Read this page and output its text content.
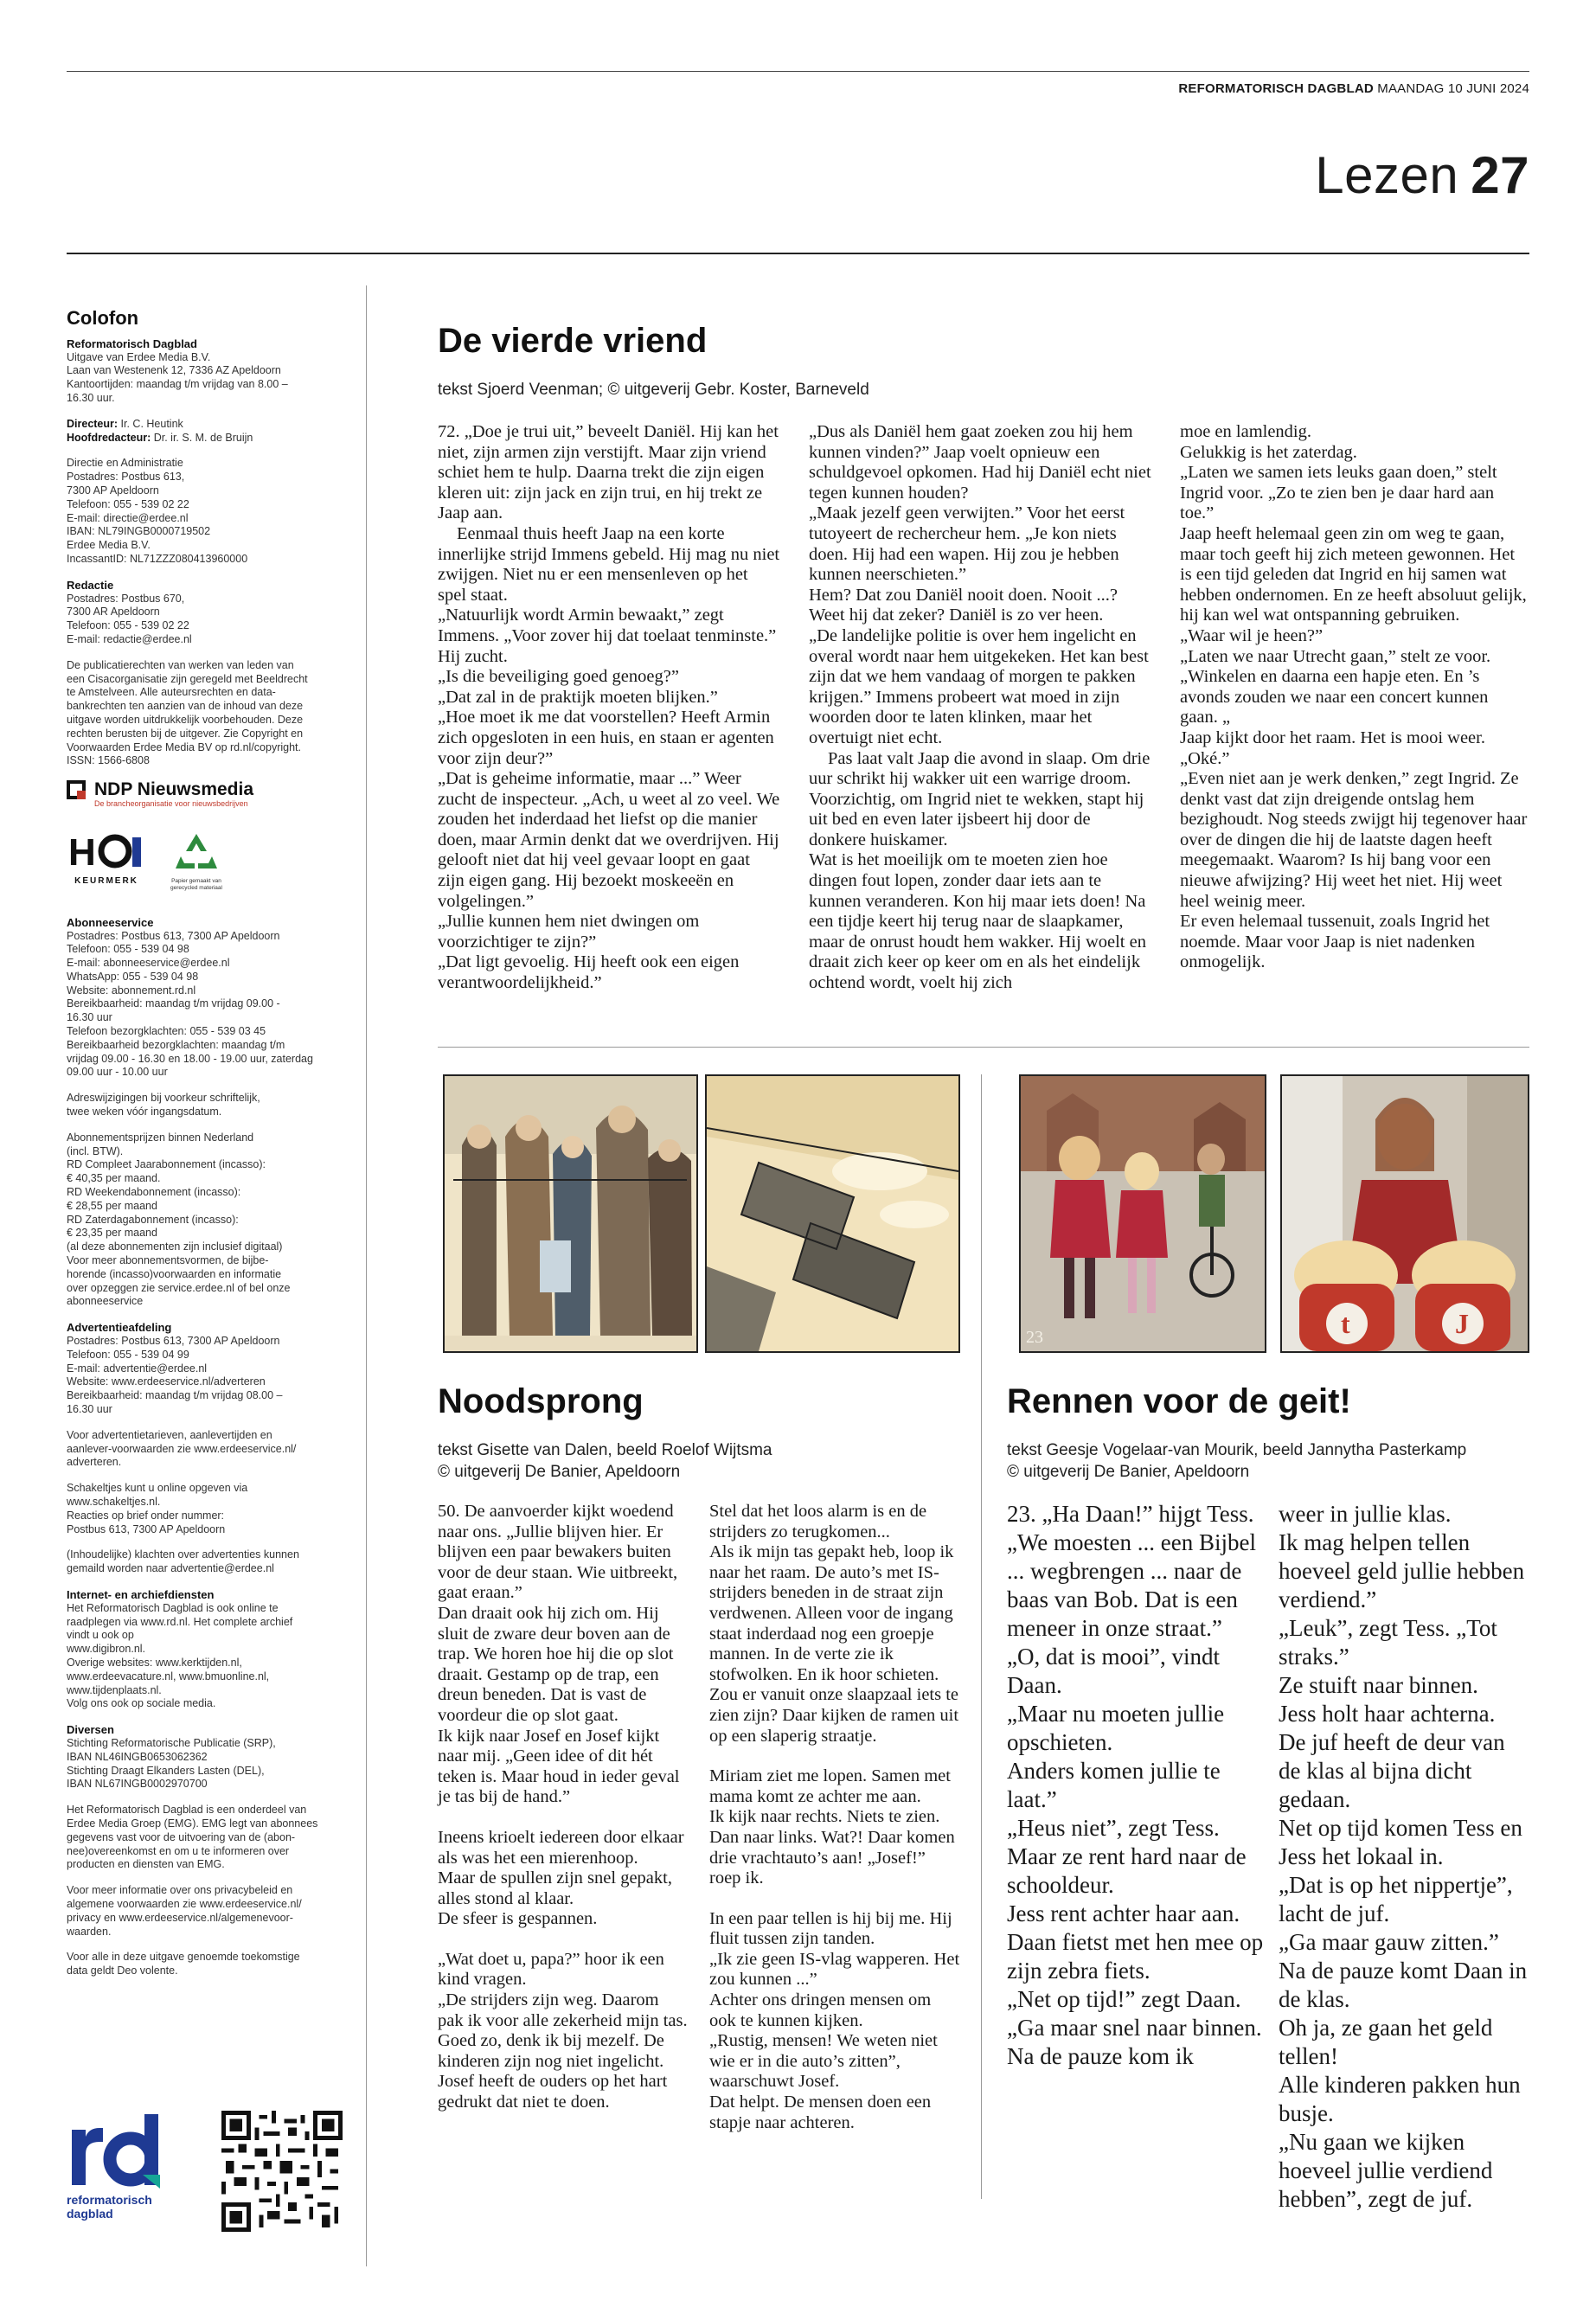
REFORMATORISCH DAGBLAD MAANDAG 10 JUNI 2024
Lezen 27
Colofon
Reformatorisch Dagblad

Uitgave van Erdee Media B.V.
Laan van Westenenk 12, 7336 AZ Apeldoorn
Kantoortijden: maandag t/m vrijdag van 8.00 –
16.30 uur.

Directeur: Ir. C. Heutink
Hoofdredacteur: Dr. ir. S. M. de Bruijn

Directie en Administratie
Postadres: Postbus 613,
7300 AP Apeldoorn
Telefoon: 055 - 539 02 22
E-mail: directie@erdee.nl
IBAN: NL79INGB0000719502
Erdee Media B.V.
IncassantID: NL71ZZZ080413960000

Redactie

Postadres: Postbus 670,
7300 AR Apeldoorn
Telefoon: 055 - 539 02 22
E-mail: redactie@erdee.nl

De publicatierechten van werken van leden van
een Cisacorganisatie zijn geregeld met Beeldrecht
te Amstelveen. Alle auteursrechten en data-
bankrechten ten aanzien van de inhoud van deze
uitgave worden uitdrukkelijk voorbehouden. Deze
rechten berusten bij de uitgever. Zie Copyright en
Voorwaarden Erdee Media BV op rd.nl/copyright.
ISSN: 1566-6808

NDP Nieuwsmedia
De brancheorganisatie voor nieuwsbedrijven
H
KEURMERK	Papier gemaakt van
gerecycled materiaal
Abonneeservice

Postadres: Postbus 613, 7300 AP Apeldoorn
Telefoon: 055 - 539 04 98
E-mail: abonneeservice@erdee.nl
WhatsApp: 055 - 539 04 98
Website: abonnement.rd.nl
Bereikbaarheid: maandag t/m vrijdag 09.00 -
16.30 uur
Telefoon bezorgklachten: 055 - 539 03 45
Bereikbaarheid bezorgklachten: maandag t/m
vrijdag 09.00 - 16.30 en 18.00 - 19.00 uur, zaterdag
09.00 uur - 10.00 uur

Adreswijzigingen bij voorkeur schriftelijk,
twee weken vóór ingangsdatum.

Abonnementsprijzen binnen Nederland
(incl. BTW).
RD Compleet Jaarabonnement (incasso):
€ 40,35 per maand.
RD Weekendabonnement (incasso):
€ 28,55 per maand
RD Zaterdagabonnement (incasso):
€ 23,35 per maand
(al deze abonnementen zijn inclusief digitaal)
Voor meer abonnementsvormen, de bijbe-
horende (incasso)voorwaarden en informatie
over opzeggen zie service.erdee.nl of bel onze
abonneeservice

Advertentieafdeling

Postadres: Postbus 613, 7300 AP Apeldoorn
Telefoon: 055 - 539 04 99
E-mail: advertentie@erdee.nl
Website: www.erdeeservice.nl/adverteren
Bereikbaarheid: maandag t/m vrijdag 08.00 –
16.30 uur

Voor advertentietarieven, aanlevertijden en
aanlever-voorwaarden zie www.erdeeservice.nl/
adverteren.

Schakeltjes kunt u online opgeven via
www.schakeltjes.nl.
Reacties op brief onder nummer:
Postbus 613, 7300 AP Apeldoorn

(Inhoudelijke) klachten over advertenties kunnen
gemaild worden naar advertentie@erdee.nl

Internet- en archiefdiensten

Het Reformatorisch Dagblad is ook online te
raadplegen via www.rd.nl. Het complete archief
vindt u ook op
www.digibron.nl.
Overige websites: www.kerktijden.nl,
www.erdeevacature.nl, www.bmuonline.nl,
www.tijdenplaats.nl.
Volg ons ook op sociale media.

Diversen

Stichting Reformatorische Publicatie (SRP),
IBAN NL46INGB0653062362
Stichting Draagt Elkanders Lasten (DEL),
IBAN NL67INGB0002970700

Het Reformatorisch Dagblad is een onderdeel van
Erdee Media Groep (EMG). EMG legt van abonnees
gegevens vast voor de uitvoering van de (abon-
nee)overeenkomst en om u te informeren over
producten en diensten van EMG.

Voor meer informatie over ons privacybeleid en
algemene voorwaarden zie www.erdeeservice.nl/
privacy en www.erdeeservice.nl/algemenevoor-
waarden.

Voor alle in deze uitgave genoemde toekomstige
data geldt Deo volente.

reformatorisch
dagblad
De vierde vriend
tekst Sjoerd Veenman; © uitgeverij Gebr. Koster, Barneveld

72. „Doe je trui uit,” beveelt Daniël. Hij kan het niet, zijn armen zijn verstijft. Maar zijn vriend schiet hem te hulp. Daarna trekt die zijn eigen kleren uit: zijn jack en zijn trui, en hij trekt ze Jaap aan.

Eenmaal thuis heeft Jaap na een korte innerlijke strijd Immens gebeld. Hij mag nu niet zwijgen. Niet nu er een mensenleven op het spel staat.

„Natuurlijk wordt Armin bewaakt,” zegt Immens. „Voor zover hij dat toelaat tenminste.” Hij zucht.

„Is die beveiliging goed genoeg?”

„Dat zal in de praktijk moeten blijken.”

„Hoe moet ik me dat voorstellen? Heeft Armin zich opgesloten in een huis, en staan er agenten voor zijn deur?”

„Dat is geheime informatie, maar ...” Weer zucht de inspecteur. „Ach, u weet al zo veel. We zouden het inderdaad het liefst op die manier doen, maar Armin denkt dat we overdrijven. Hij gelooft niet dat hij veel gevaar loopt en gaat zijn eigen gang. Hij bezoekt moskeeën en volgelingen.”

„Jullie kunnen hem niet dwingen om voorzichtiger te zijn?”

„Dat ligt gevoelig. Hij heeft ook een eigen verantwoordelijkheid.”

„Dus als Daniël hem gaat zoeken zou hij hem kunnen vinden?” Jaap voelt opnieuw een schuldgevoel opkomen. Had hij Daniël echt niet tegen kunnen houden?

„Maak jezelf geen verwijten.” Voor het eerst tutoyeert de rechercheur hem. „Je kon niets doen. Hij had een wapen. Hij zou je hebben kunnen neerschieten.”

Hem? Dat zou Daniël nooit doen. Nooit ...? Weet hij dat zeker? Daniël is zo ver heen.

„De landelijke politie is over hem ingelicht en overal wordt naar hem uitgekeken. Het kan best zijn dat we hem vandaag of morgen te pakken krijgen.” Immens probeert wat moed in zijn woorden door te laten klinken, maar het overtuigt niet echt.

Pas laat valt Jaap die avond in slaap. Om drie uur schrikt hij wakker uit een warrige droom. Voorzichtig, om Ingrid niet te wekken, stapt hij uit bed en even later ijsbeert hij door de donkere huiskamer.

Wat is het moeilijk om te moeten zien hoe dingen fout lopen, zonder daar iets aan te kunnen veranderen. Kon hij maar iets doen! Na een tijdje keert hij terug naar de slaapkamer, maar de onrust houdt hem wakker. Hij woelt en draait zich keer op keer om en als het eindelijk ochtend wordt, voelt hij zich

moe en lamlendig.

Gelukkig is het zaterdag.

„Laten we samen iets leuks gaan doen,” stelt Ingrid voor. „Zo te zien ben je daar hard aan toe.”

Jaap heeft helemaal geen zin om weg te gaan, maar toch geeft hij zich meteen gewonnen. Het is een tijd geleden dat Ingrid en hij samen wat hebben ondernomen. En ze heeft absoluut gelijk, hij kan wel wat ontspanning gebruiken.

„Waar wil je heen?”

„Laten we naar Utrecht gaan,” stelt ze voor. „Winkelen en daarna een hapje eten. En ’s avonds zouden we naar een concert kunnen gaan. „

Jaap kijkt door het raam. Het is mooi weer.

„Oké.”

„Even niet aan je werk denken,” zegt Ingrid. Ze denkt vast dat zijn dreigende ontslag hem bezighoudt. Nog steeds zwijgt hij tegenover haar over de dingen die hij de laatste dagen heeft meegemaakt. Waarom? Is hij bang voor een nieuwe afwijzing? Hij weet het niet. Hij weet heel weinig meer.

Er even helemaal tussenuit, zoals Ingrid het noemde. Maar voor Jaap is niet nadenken onmogelijk.

23	t	J
Noodsprong
tekst Gisette van Dalen, beeld Roelof Wijtsma
© uitgeverij De Banier, Apeldoorn

50. De aanvoerder kijkt woedend naar ons. „Jullie blijven hier. Er blijven een paar bewakers buiten voor de deur staan. Wie uitbreekt, gaat eraan.”

Dan draait ook hij zich om. Hij sluit de zware deur boven aan de trap. We horen hoe hij die op slot draait. Gestamp op de trap, een dreun beneden. Dat is vast de voordeur die op slot gaat.

Ik kijk naar Josef en Josef kijkt naar mij. „Geen idee of dit hét teken is. Maar houd in ieder geval je tas bij de hand.”

Ineens krioelt iedereen door elkaar als was het een mierenhoop.

Maar de spullen zijn snel gepakt, alles stond al klaar.

De sfeer is gespannen.

„Wat doet u, papa?” hoor ik een kind vragen.

„De strijders zijn weg. Daarom pak ik voor alle zekerheid mijn tas.

Goed zo, denk ik bij mezelf. De kinderen zijn nog niet ingelicht. Josef heeft de ouders op het hart gedrukt dat niet te doen.

Stel dat het loos alarm is en de strijders zo terugkomen...

Als ik mijn tas gepakt heb, loop ik naar het raam. De auto’s met IS-strijders beneden in de straat zijn verdwenen. Alleen voor de ingang staat inderdaad nog een groepje mannen. In de verte zie ik stofwolken. En ik hoor schieten. Zou er vanuit onze slaapzaal iets te zien zijn? Daar kijken de ramen uit op een slaperig straatje.

Miriam ziet me lopen. Samen met mama komt ze achter me aan.

Ik kijk naar rechts. Niets te zien. Dan naar links. Wat?! Daar komen drie vrachtauto’s aan! „Josef!” roep ik.

In een paar tellen is hij bij me. Hij fluit tussen zijn tanden.

„Ik zie geen IS-vlag wapperen. Het zou kunnen ...”

Achter ons dringen mensen om ook te kunnen kijken.

„Rustig, mensen! We weten niet wie er in die auto’s zitten”, waarschuwt Josef.

Dat helpt. De mensen doen een stapje naar achteren.

Rennen voor de geit!
tekst Geesje Vogelaar-van Mourik, beeld Jannytha Pasterkamp
© uitgeverij De Banier, Apeldoorn

23. „Ha Daan!” hijgt Tess.

„We moesten ... een Bijbel ... wegbrengen ... naar de baas van Bob. Dat is een meneer in onze straat.”

„O, dat is mooi”, vindt Daan.

„Maar nu moeten jullie opschieten.

Anders komen jullie te laat.”

„Heus niet”, zegt Tess.

Maar ze rent hard naar de schooldeur.

Jess rent achter haar aan.

Daan fietst met hen mee op zijn zebra fiets.

„Net op tijd!” zegt Daan.

„Ga maar snel naar binnen.

Na de pauze kom ik

weer in jullie klas.

Ik mag helpen tellen hoeveel geld jullie hebben verdiend.”

„Leuk”, zegt Tess. „Tot straks.”

Ze stuift naar binnen.

Jess holt haar achterna.

De juf heeft de deur van de klas al bijna dicht gedaan.

Net op tijd komen Tess en Jess het lokaal in.

„Dat is op het nippertje”, lacht de juf.

„Ga maar gauw zitten.”

Na de pauze komt Daan in de klas.

Oh ja, ze gaan het geld tellen!

Alle kinderen pakken hun busje.

„Nu gaan we kijken hoeveel jullie verdiend hebben”, zegt de juf.
